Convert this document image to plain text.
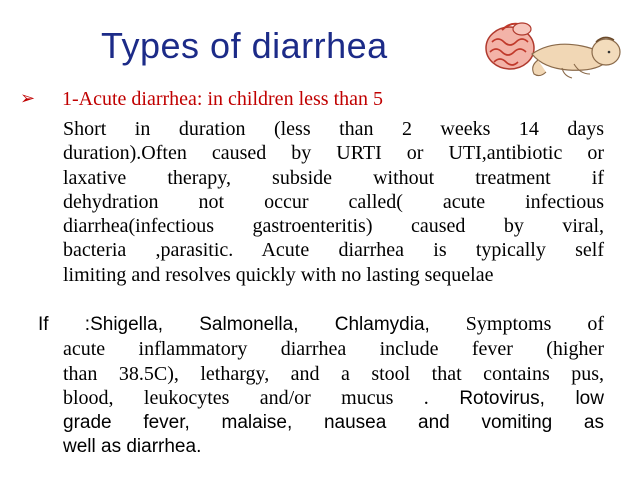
Types of diarrhea
➢ 1-Acute diarrhea: in children less than 5
Short in duration (less than 2 weeks 14 days
duration).Often caused by URTI or UTI,antibiotic or
laxative therapy, subside without treatment if
dehydration not occur called( acute infectious
diarrhea(infectious gastroenteritis) caused by viral,
bacteria ,parasitic. Acute diarrhea is typically self
limiting and resolves quickly with no lasting sequelae
If :Shigella, Salmonella, Chlamydia, Symptoms of
acute inflammatory diarrhea include fever (higher
than 38.5C), lethargy, and a stool that contains pus,
blood, leukocytes and/or mucus . Rotovirus, low
grade fever, malaise, nausea and vomiting as
well as diarrhea.
